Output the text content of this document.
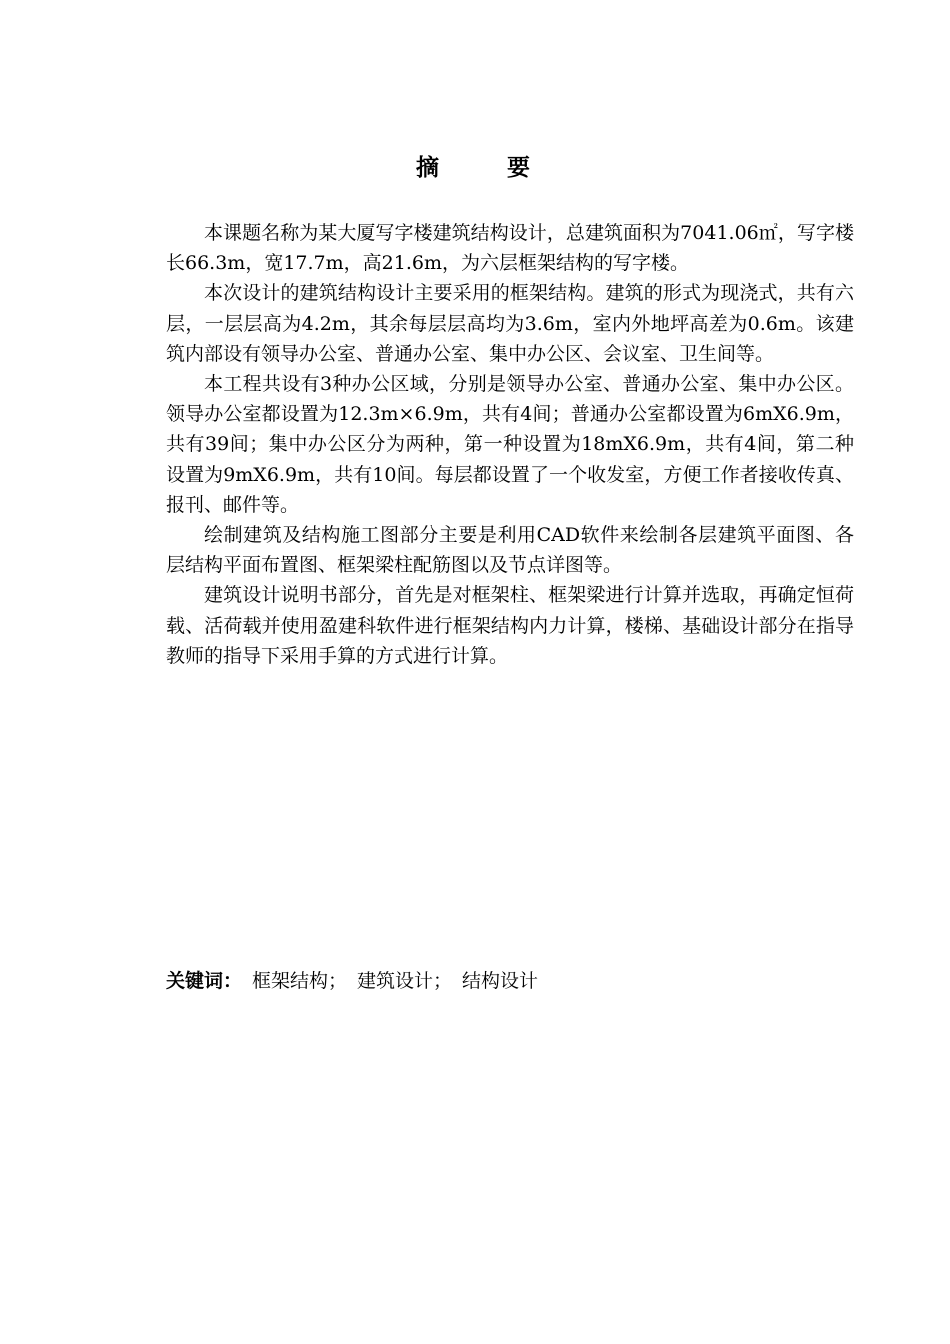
摘 要

本课题名称为某大厦写字楼建筑结构设计，总建筑面积为7041.06㎡，写字楼长66.3m，宽17.7m，高21.6m，为六层框架结构的写字楼。

本次设计的建筑结构设计主要采用的框架结构。建筑的形式为现浇式，共有六层，一层层高为4.2m，其余每层层高均为3.6m，室内外地坪高差为0.6m。该建筑内部设有领导办公室、普通办公室、集中办公区、会议室、卫生间等。

本工程共设有3种办公区域，分别是领导办公室、普通办公室、集中办公区。领导办公室都设置为12.3m×6.9m，共有4间；普通办公室都设置为6mX6.9m，共有39间；集中办公区分为两种，第一种设置为18mX6.9m，共有4间，第二种设置为9mX6.9m，共有10间。每层都设置了一个收发室，方便工作者接收传真、报刊、邮件等。

绘制建筑及结构施工图部分主要是利用CAD软件来绘制各层建筑平面图、各层结构平面布置图、框架梁柱配筋图以及节点详图等。

建筑设计说明书部分，首先是对框架柱、框架梁进行计算并选取，再确定恒荷载、活荷载并使用盈建科软件进行框架结构内力计算，楼梯、基础设计部分在指导教师的指导下采用手算的方式进行计算。

关键词： 框架结构； 建筑设计； 结构设计
